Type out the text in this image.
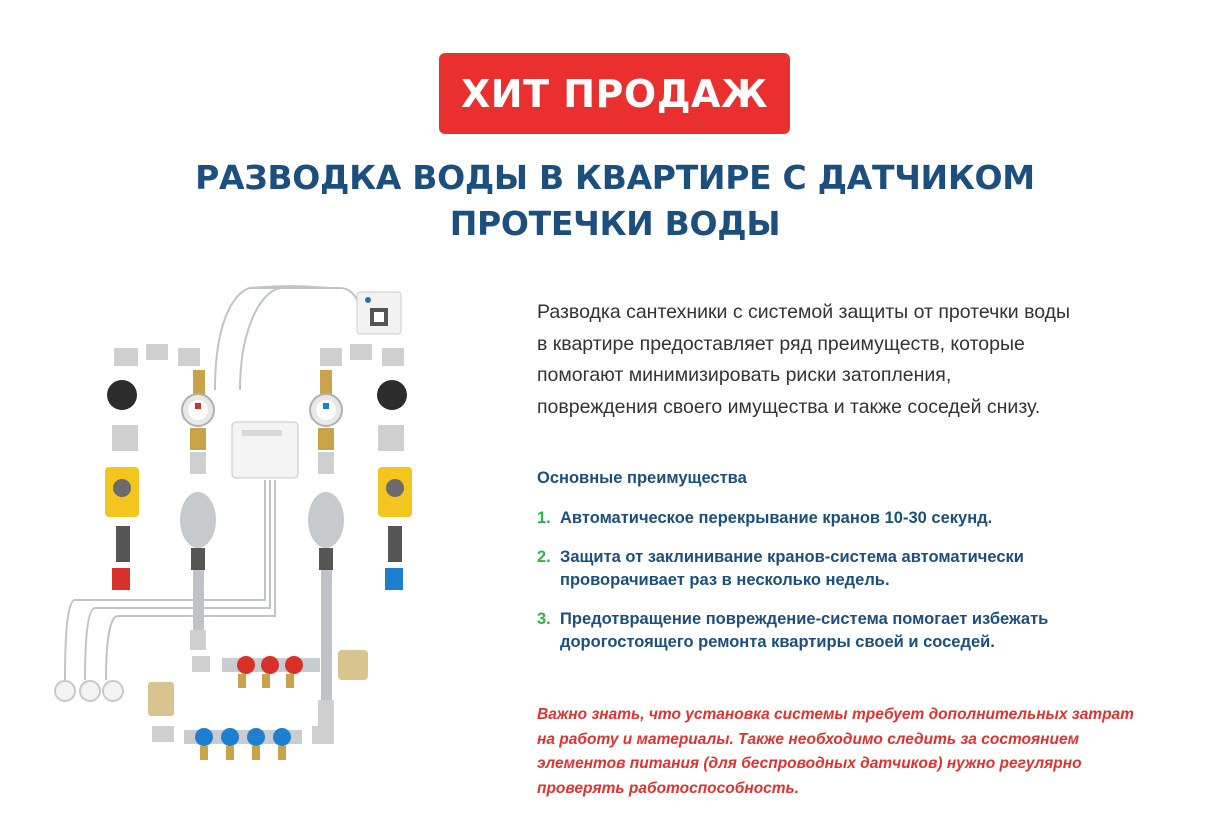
ХИТ ПРОДАЖ
РАЗВОДКА ВОДЫ В КВАРТИРЕ С ДАТЧИКОМ
ПРОТЕЧКИ ВОДЫ
Разводка сантехники с системой защиты от протечки воды
в квартире предоставляет ряд преимуществ, которые
помогают минимизировать риски затопления,
повреждения своего имущества и также соседей снизу.
Основные преимущества
1. Автоматическое перекрывание кранов 10-30 секунд.
2. Защита от заклинивание кранов-система автоматически
проворачивает раз в несколько недель.
3. Предотвращение повреждение-система помогает избежать
дорогостоящего ремонта квартиры своей и соседей.
Важно знать, что установка системы требует дополнительных затрат
на работу и материалы. Также необходимо следить за состоянием
элементов питания (для беспроводных датчиков) нужно регулярно
проверять работоспособность.
